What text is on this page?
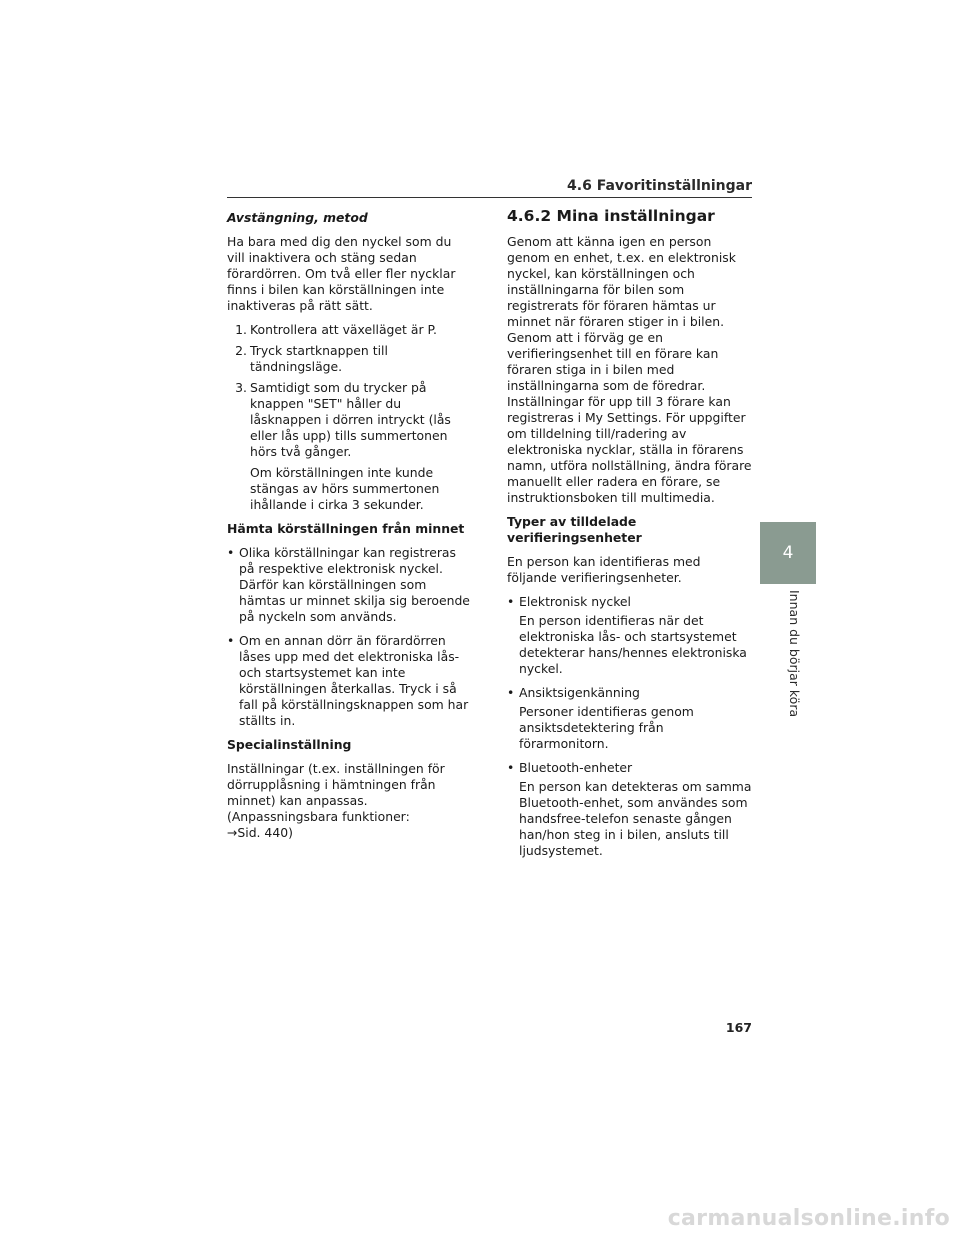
4.6 Favoritinställningar
Avstängning, metod

Ha bara med dig den nyckel som du vill inaktivera och stäng sedan förardörren. Om två eller fler nycklar finns i bilen kan körställningen inte inaktiveras på rätt sätt.

1. Kontrollera att växelläget är P.
2. Tryck startknappen till tändningsläge.
3. Samtidigt som du trycker på knappen "SET" håller du låsknappen i dörren intryckt (lås eller lås upp) tills summertonen hörs två gånger.
Om körställningen inte kunde stängas av hörs summertonen ihållande i cirka 3 sekunder.
Hämta körställningen från minnet
• Olika körställningar kan registreras på respektive elektronisk nyckel. Därför kan körställningen som hämtas ur minnet skilja sig beroende på nyckeln som används.
• Om en annan dörr än förardörren låses upp med det elektroniska lås- och startsystemet kan inte körställningen återkallas. Tryck i så fall på körställningsknappen som har ställts in.
Specialinställning

Inställningar (t.ex. inställningen för dörrupplåsning i hämtningen från minnet) kan anpassas. (Anpassningsbara funktioner:
→Sid. 440)

4.6.2 Mina inställningar

Genom att känna igen en person genom en enhet, t.ex. en elektronisk nyckel, kan körställningen och inställningarna för bilen som registrerats för föraren hämtas ur minnet när föraren stiger in i bilen. Genom att i förväg ge en verifieringsenhet till en förare kan föraren stiga in i bilen med inställningarna som de föredrar. Inställningar för upp till 3 förare kan registreras i My Settings. För uppgifter om tilldelning till/radering av elektroniska nycklar, ställa in förarens namn, utföra nollställning, ändra förare manuellt eller radera en förare, se instruktionsboken till multimedia.

Typer av tilldelade verifieringsenheter

En person kan identifieras med följande verifieringsenheter.

• Elektronisk nyckel
En person identifieras när det elektroniska lås- och startsystemet detekterar hans/hennes elektroniska nyckel.
• Ansiktsigenkänning
Personer identifieras genom ansiktsdetektering från förarmonitorn.
• Bluetooth-enheter
En person kan detekteras om samma Bluetooth-enhet, som användes som handsfree-telefon senaste gången han/hon steg in i bilen, ansluts till ljudsystemet.
4
Innan du börjar köra
167
carmanualsonline.info
